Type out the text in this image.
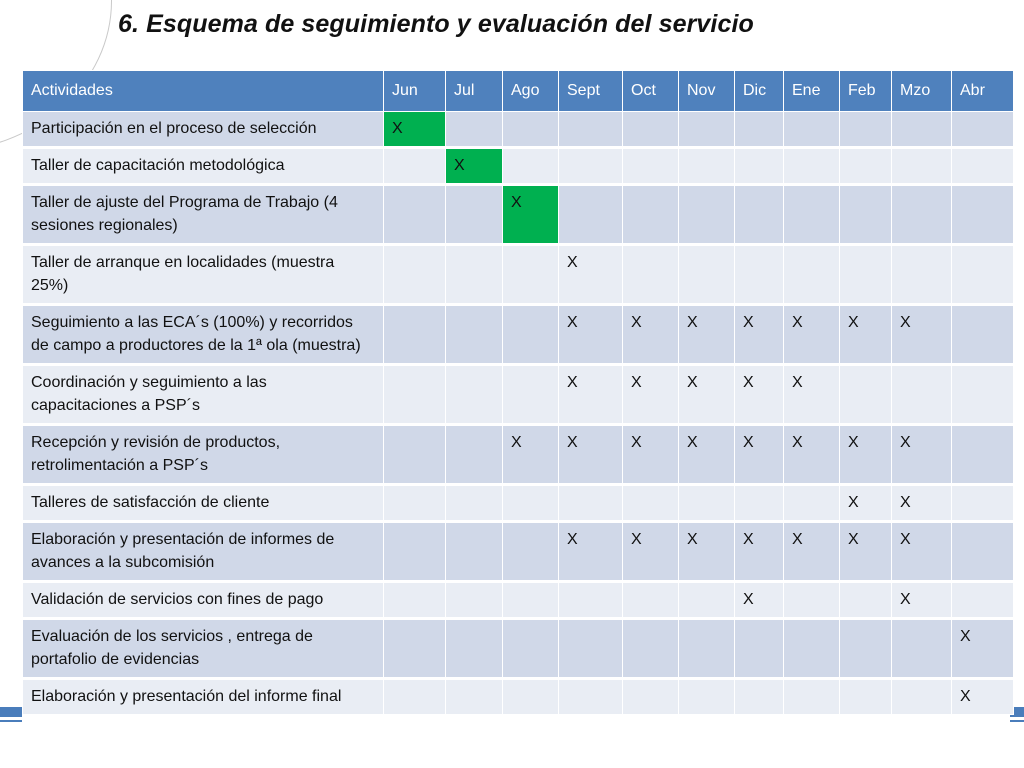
6. Esquema de seguimiento y evaluación del servicio
Actividades	Jun	Jul	Ago	Sept	Oct	Nov	Dic	Ene	Feb	Mzo	Abr
Participación en el proceso de selección	X										
Taller de capacitación metodológica		X									
Taller de ajuste del Programa de Trabajo (4 sesiones regionales)			X								
Taller de arranque en localidades (muestra 25%)				X							
Seguimiento a las ECA´s (100%) y recorridos de campo a productores de la 1ª ola (muestra)				X	X	X	X	X	X	X	
Coordinación y seguimiento a las capacitaciones a PSP´s				X	X	X	X	X			
Recepción y revisión de productos, retrolimentación a PSP´s			X	X	X	X	X	X	X	X	
Talleres de satisfacción de cliente									X	X	
Elaboración y presentación de informes de avances a la subcomisión				X	X	X	X	X	X	X	
Validación de servicios con fines de pago							X			X	
Evaluación de los servicios , entrega de portafolio de evidencias											X
Elaboración y presentación del informe final											X
